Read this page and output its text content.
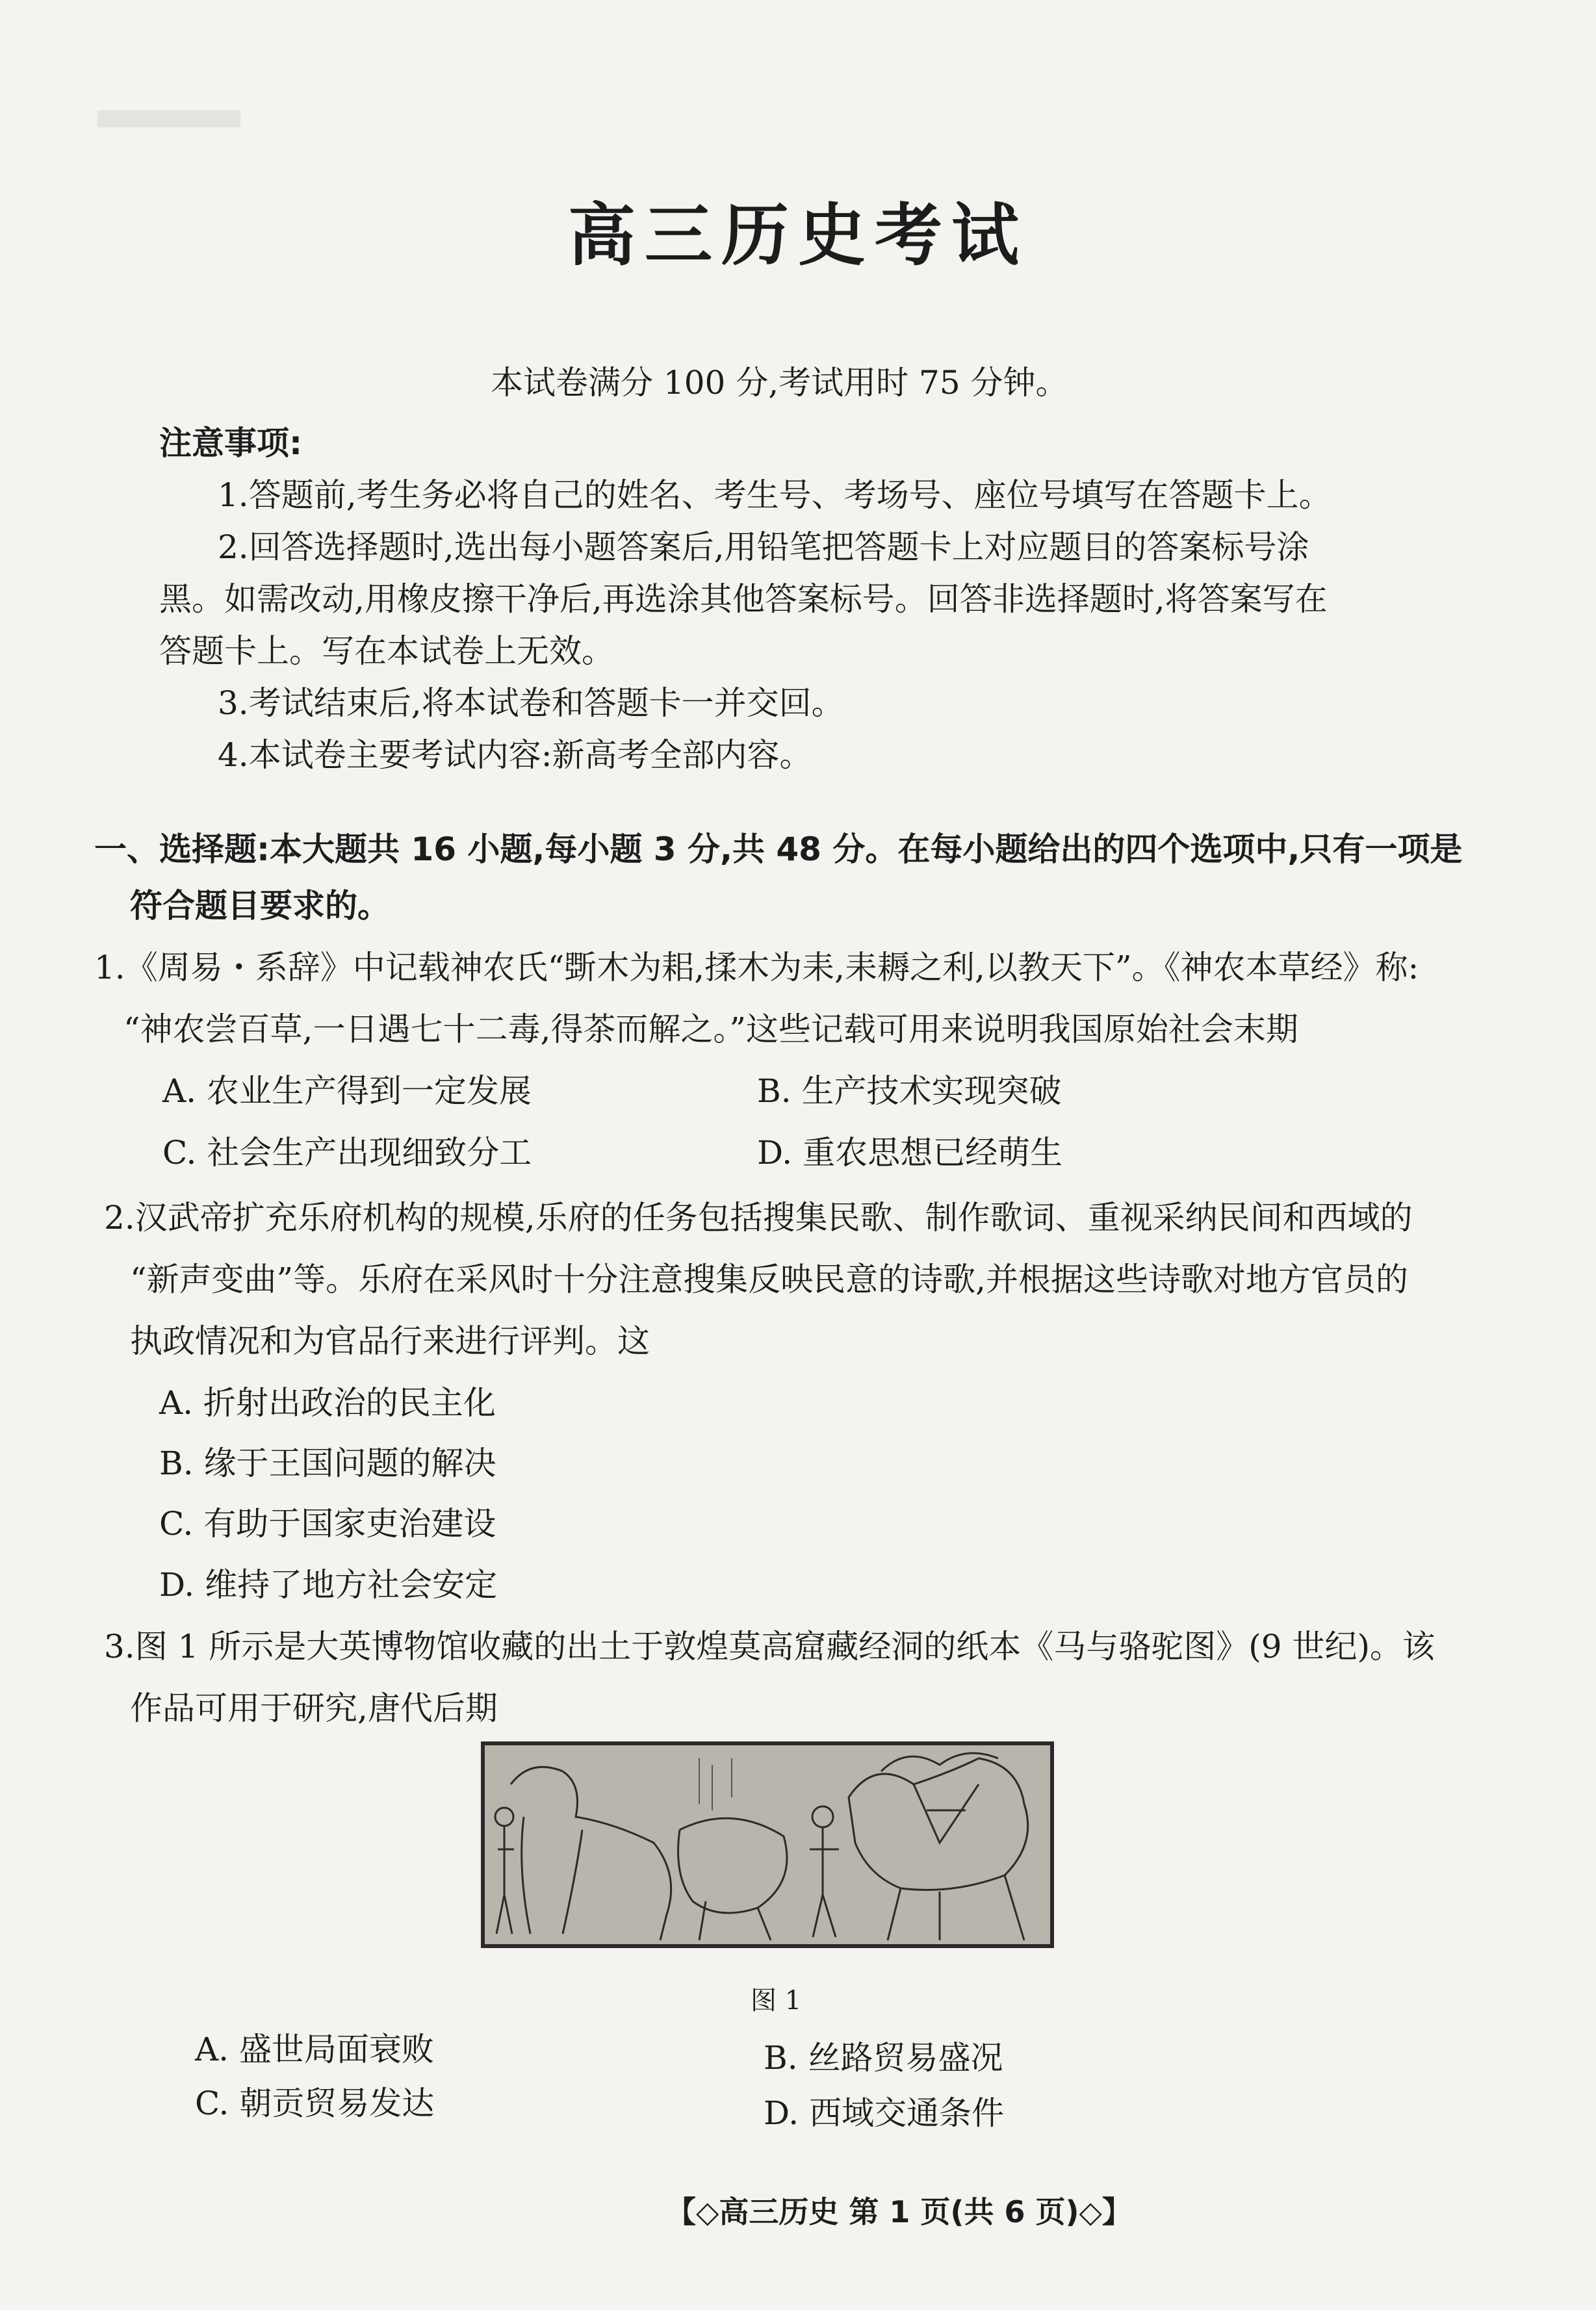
高三历史考试
本试卷满分 100 分,考试用时 75 分钟。
注意事项:
1.答题前,考生务必将自己的姓名、考生号、考场号、座位号填写在答题卡上。
2.回答选择题时,选出每小题答案后,用铅笔把答题卡上对应题目的答案标号涂
黑。如需改动,用橡皮擦干净后,再选涂其他答案标号。回答非选择题时,将答案写在
答题卡上。写在本试卷上无效。
3.考试结束后,将本试卷和答题卡一并交回。
4.本试卷主要考试内容:新高考全部内容。
一、选择题:本大题共 16 小题,每小题 3 分,共 48 分。在每小题给出的四个选项中,只有一项是
符合题目要求的。
1.《周易・系辞》中记载神农氏“斲木为耜,揉木为耒,耒耨之利,以教天下”。《神农本草经》称:
“神农尝百草,一日遇七十二毒,得茶而解之。”这些记载可用来说明我国原始社会末期
A. 农业生产得到一定发展	B. 生产技术实现突破
C. 社会生产出现细致分工	D. 重农思想已经萌生
2.汉武帝扩充乐府机构的规模,乐府的任务包括搜集民歌、制作歌词、重视采纳民间和西域的
“新声变曲”等。乐府在采风时十分注意搜集反映民意的诗歌,并根据这些诗歌对地方官员的
执政情况和为官品行来进行评判。这
A. 折射出政治的民主化
B. 缘于王国问题的解决
C. 有助于国家吏治建设
D. 维持了地方社会安定
3.图 1 所示是大英博物馆收藏的出土于敦煌莫高窟藏经洞的纸本《马与骆驼图》(9 世纪)。该
作品可用于研究,唐代后期
图 1
A. 盛世局面衰败	B. 丝路贸易盛况
C. 朝贡贸易发达	D. 西域交通条件
【◇高三历史 第 1 页(共 6 页)◇】
